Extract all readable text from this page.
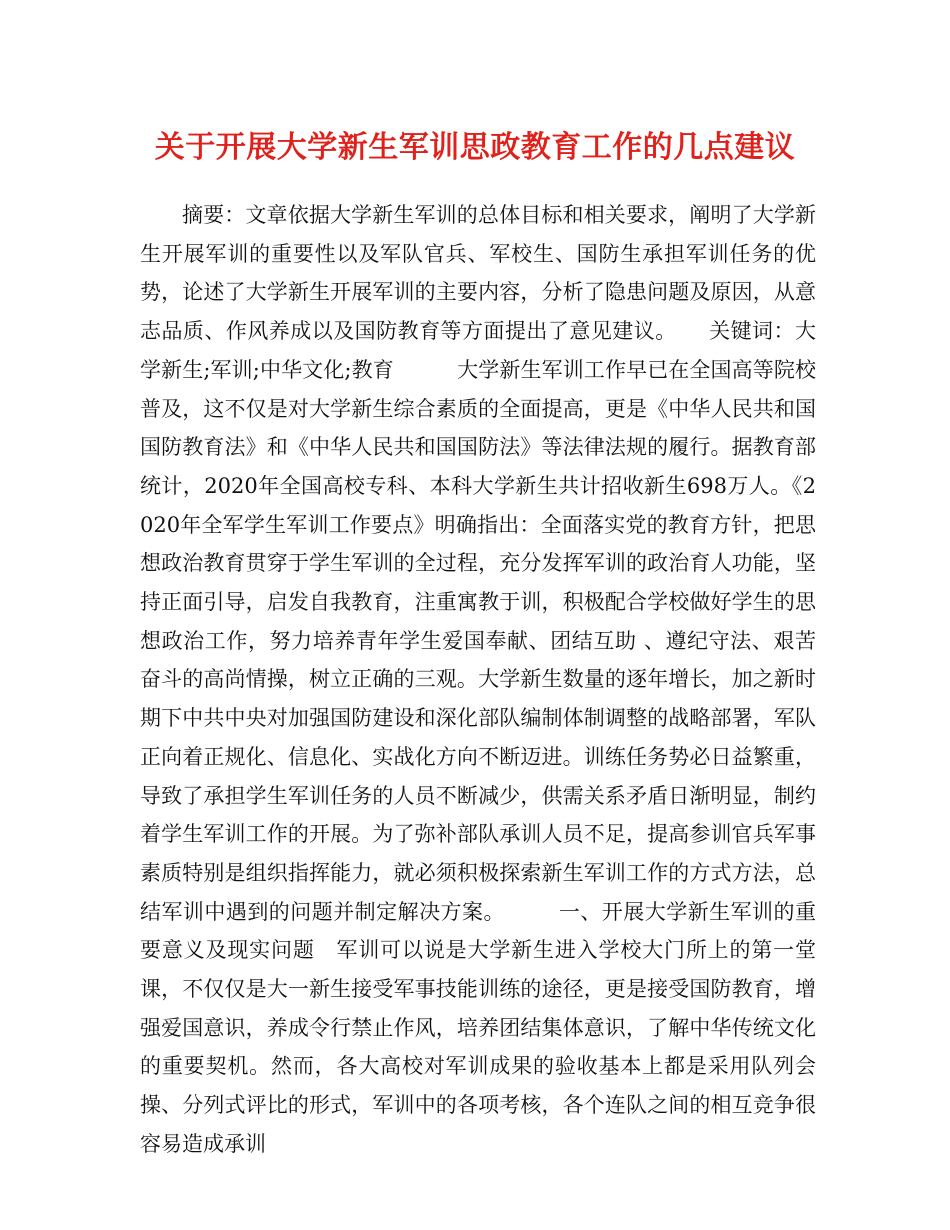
关于开展大学新生军训思政教育工作的几点建议

摘要：文章依据大学新生军训的总体目标和相关要求，阐明了大学新生开展军训的重要性以及军队官兵、军校生、国防生承担军训任务的优势，论述了大学新生开展军训的主要内容，分析了隐患问题及原因，从意志品质、作风养成以及国防教育等方面提出了意见建议。　　关键词：大学新生;军训;中华文化;教育　　　大学新生军训工作早已在全国高等院校普及，这不仅是对大学新生综合素质的全面提高，更是《中华人民共和国国防教育法》和《中华人民共和国国防法》等法律法规的履行。据教育部统计，2020年全国高校专科、本科大学新生共计招收新生698万人。《2020年全军学生军训工作要点》明确指出：全面落实党的教育方针，把思想政治教育贯穿于学生军训的全过程，充分发挥军训的政治育人功能，坚持正面引导，启发自我教育，注重寓教于训，积极配合学校做好学生的思想政治工作，努力培养青年学生爱国奉献、团结互助 、遵纪守法、艰苦奋斗的高尚情操，树立正确的三观。大学新生数量的逐年增长，加之新时期下中共中央对加强国防建设和深化部队编制体制调整的战略部署，军队正向着正规化、信息化、实战化方向不断迈进。训练任务势必日益繁重，导致了承担学生军训任务的人员不断减少，供需关系矛盾日渐明显，制约着学生军训工作的开展。为了弥补部队承训人员不足，提高参训官兵军事素质特别是组织指挥能力，就必须积极探索新生军训工作的方式方法，总结军训中遇到的问题并制定解决方案。　　　一、开展大学新生军训的重要意义及现实问题　军训可以说是大学新生进入学校大门所上的第一堂课，不仅仅是大一新生接受军事技能训练的途径，更是接受国防教育，增强爱国意识，养成令行禁止作风，培养团结集体意识，了解中华传统文化的重要契机。然而，各大高校对军训成果的验收基本上都是采用队列会操、分列式评比的形式，军训中的各项考核，各个连队之间的相互竞争很容易造成承训
